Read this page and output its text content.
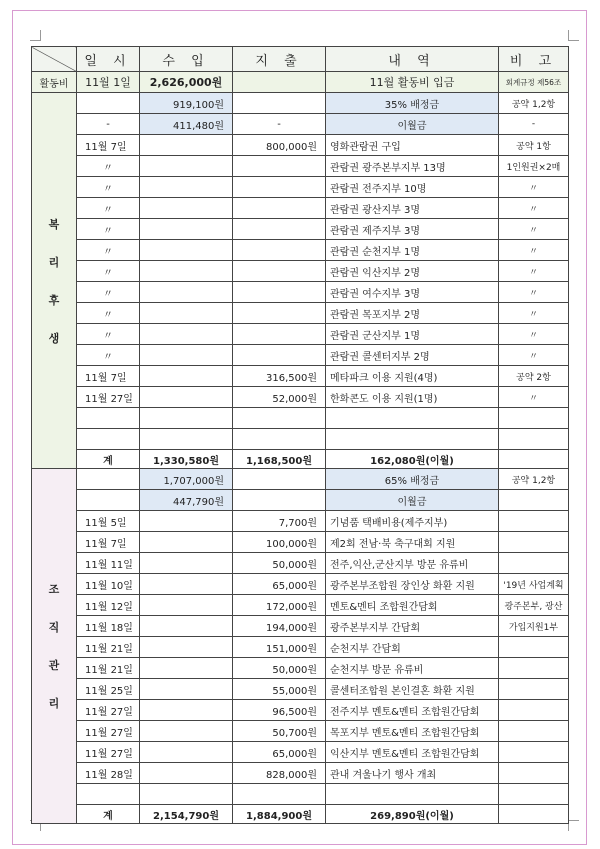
	일 시	수 입	지 출	내 역	비 고
활동비	11월 1일	2,626,000원		11월 활동비 입금	회계규정 제56조

복
리
후
생		919,100원		35% 배정금	공약 1,2항
	-	411,480원	-	이월금	-
	11월 7일		800,000원	영화관람권 구입	공약 1항
	〃			관람권 광주본부지부 13명	1인원권×2매
	〃			관람권 전주지부 10명	〃
	〃			관람권 광산지부 3명	〃
	〃			관람권 제주지부 3명	〃
	〃			관람권 순천지부 1명	〃
	〃			관람권 익산지부 2명	〃
	〃			관람권 여수지부 3명	〃
	〃			관람권 목포지부 2명	〃
	〃			관람권 군산지부 1명	〃
	〃			관람권 콜센터지부 2명	〃
	11월 7일		316,500원	메타파크 이용 지원(4명)	공약 2항
	11월 27일		52,000원	한화콘도 이용 지원(1명)	〃

	계	1,330,580원	1,168,500원	162,080원(이월)	

조
직
관
리		1,707,000원		65% 배정금	공약 1,2항
		447,790원		이월금	
	11월 5일		7,700원	기념품 택배비용(제주지부)	
	11월 7일		100,000원	제2회 전남·북 축구대회 지원	
	11월 11일		50,000원	전주,익산,군산지부 방문 유류비	
	11월 10일		65,000원	광주본부조합원 장인상 화환 지원	'19년 사업계획
	11월 12일		172,000원	멘토&멘티 조합원간담회	광주본부, 광산
	11월 18일		194,000원	광주본부지부 간담회	가입지원1부
	11월 21일		151,000원	순천지부 간담회	
	11월 21일		50,000원	순천지부 방문 유류비	
	11월 25일		55,000원	콜센터조합원 본인결혼 화환 지원	
	11월 27일		96,500원	전주지부 멘토&멘티 조합원간담회	
	11월 27일		50,700원	목포지부 멘토&멘티 조합원간담회	
	11월 27일		65,000원	익산지부 멘토&멘티 조합원간담회	
	11월 28일		828,000원	관내 겨울나기 행사 개최	

	계	2,154,790원	1,884,900원	269,890원(이월)	
